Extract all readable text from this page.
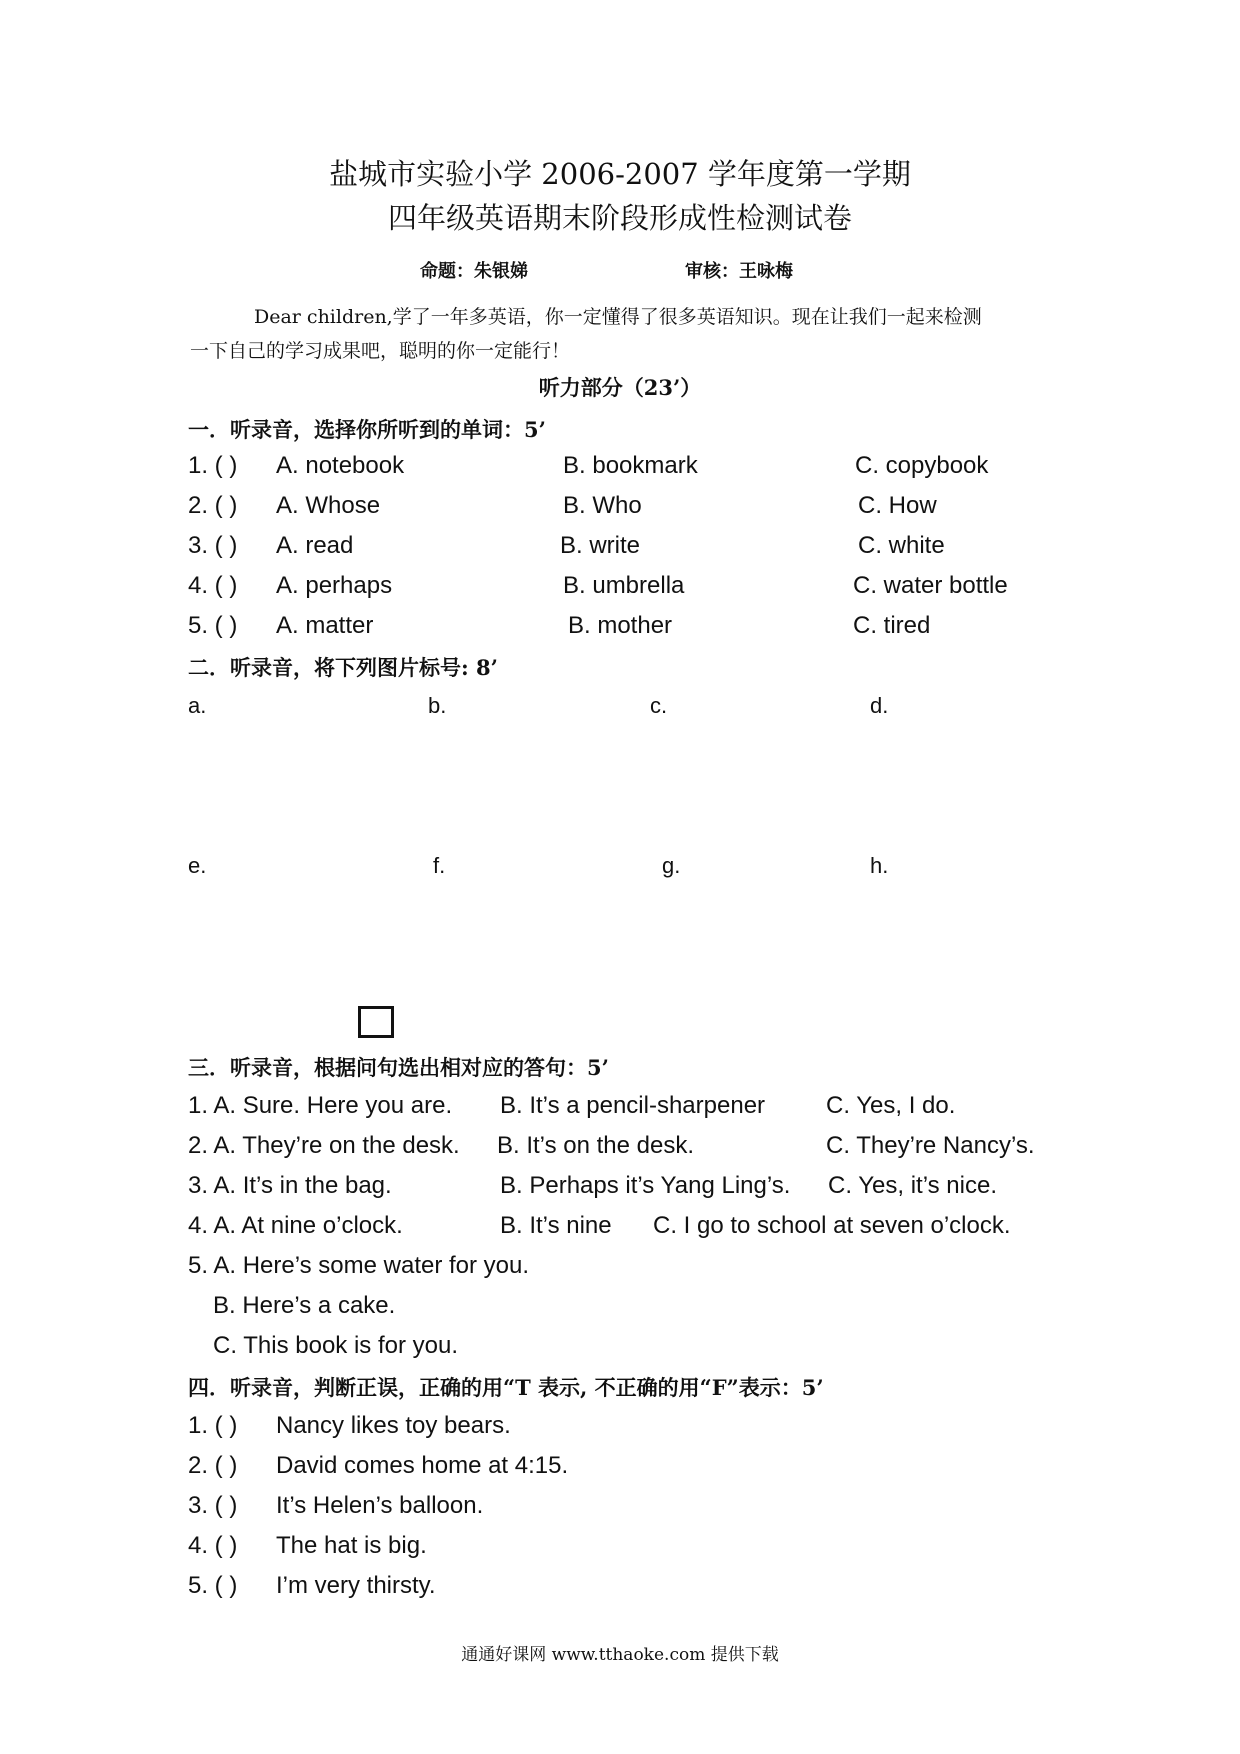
盐城市实验小学 2006-2007 学年度第一学期
四年级英语期末阶段形成性检测试卷
命题：朱银娣	审核：王咏梅
Dear children,学了一年多英语，你一定懂得了很多英语知识。现在让我们一起来检测
一下自己的学习成果吧，聪明的你一定能行！
听力部分（23’）
一．听录音，选择你所听到的单词：5’
1. ( ) A. notebook	B. bookmark	C. copybook
2. ( ) A. Whose	B. Who	C. How
3. ( ) A. read	B. write	C. white
4. ( ) A. perhaps	B. umbrella	C. water bottle
5. ( ) A. matter	B. mother	C. tired
二．听录音，将下列图片标号: 8’
a.	b.	c.	d.
e.	f.	g.	h.
三．听录音，根据问句选出相对应的答句：5’
1. A. Sure. Here you are. B. It’s a pencil-sharpener	C. Yes, I do.
2. A. They’re on the desk. B. It’s on the desk.	C. They’re Nancy’s.
3. A. It’s in the bag.	B. Perhaps it’s Yang Ling’s. C. Yes, it’s nice.
4. A. At nine o’clock.	B. It’s nine C. I go to school at seven o’clock.
5. A. Here’s some water for you.
B. Here’s a cake.
C. This book is for you.
四．听录音，判断正误，正确的用“T 表示, 不正确的用“F”表示：5’
1. ( ) Nancy likes toy bears.
2. ( ) David comes home at 4:15.
3. ( ) It’s Helen’s balloon.
4. ( ) The hat is big.
5. ( ) I’m very thirsty.
通通好课网 www.tthaoke.com 提供下载
